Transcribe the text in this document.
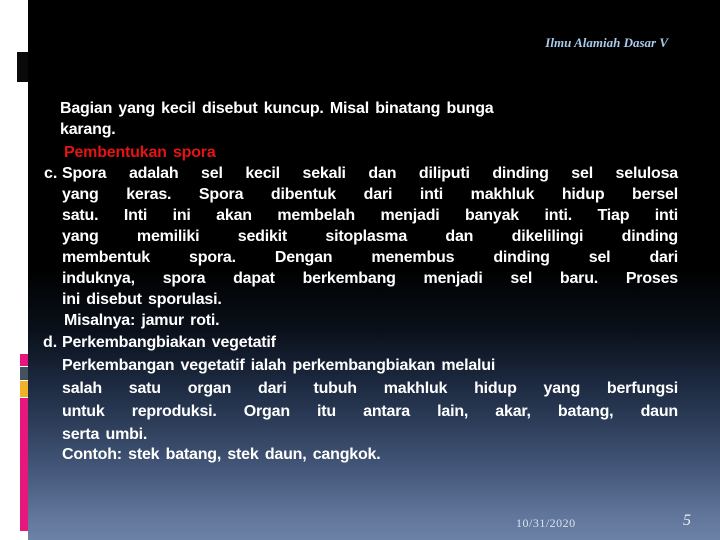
Ilmu Alamiah Dasar V
Bagian yang kecil disebut kuncup. Misal binatang bunga
karang.
Pembentukan spora
c. Spora adalah sel kecil sekali dan diliputi dinding sel selulosa
yang keras. Spora dibentuk dari inti makhluk hidup bersel
satu. Inti ini akan membelah menjadi banyak inti. Tiap inti
yang memiliki sedikit sitoplasma dan dikelilingi dinding
membentuk spora. Dengan menembus dinding sel dari
induknya, spora dapat berkembang menjadi sel baru. Proses
ini disebut sporulasi.
Misalnya: jamur roti.
d. Perkembangbiakan vegetatif
Perkembangan vegetatif ialah perkembangbiakan melalui
salah satu organ dari tubuh makhluk hidup yang berfungsi
untuk reproduksi. Organ itu antara lain, akar, batang, daun
serta umbi.
Contoh: stek batang, stek daun, cangkok.
10/31/2020	5
